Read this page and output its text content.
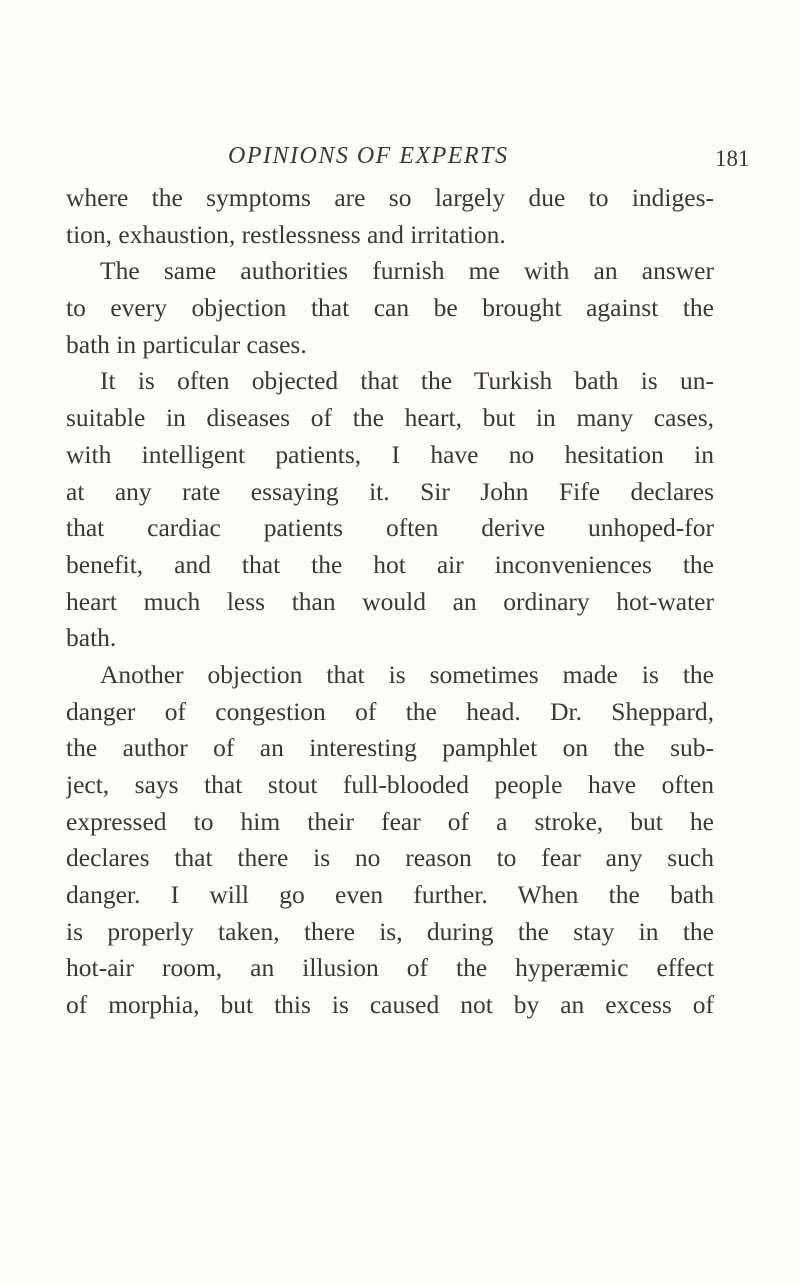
OPINIONS OF EXPERTS	181
where the symptoms are so largely due to indiges-
tion, exhaustion, restlessness and irritation.
The same authorities furnish me with an answer
to every objection that can be brought against the
bath in particular cases.
It is often objected that the Turkish bath is un-
suitable in diseases of the heart, but in many cases,
with intelligent patients, I have no hesitation in
at any rate essaying it. Sir John Fife declares
that cardiac patients often derive unhoped-for
benefit, and that the hot air inconveniences the
heart much less than would an ordinary hot-water
bath.
Another objection that is sometimes made is the
danger of congestion of the head. Dr. Sheppard,
the author of an interesting pamphlet on the sub-
ject, says that stout full-blooded people have often
expressed to him their fear of a stroke, but he
declares that there is no reason to fear any such
danger. I will go even further. When the bath
is properly taken, there is, during the stay in the
hot-air room, an illusion of the hyperæmic effect
of morphia, but this is caused not by an excess of
